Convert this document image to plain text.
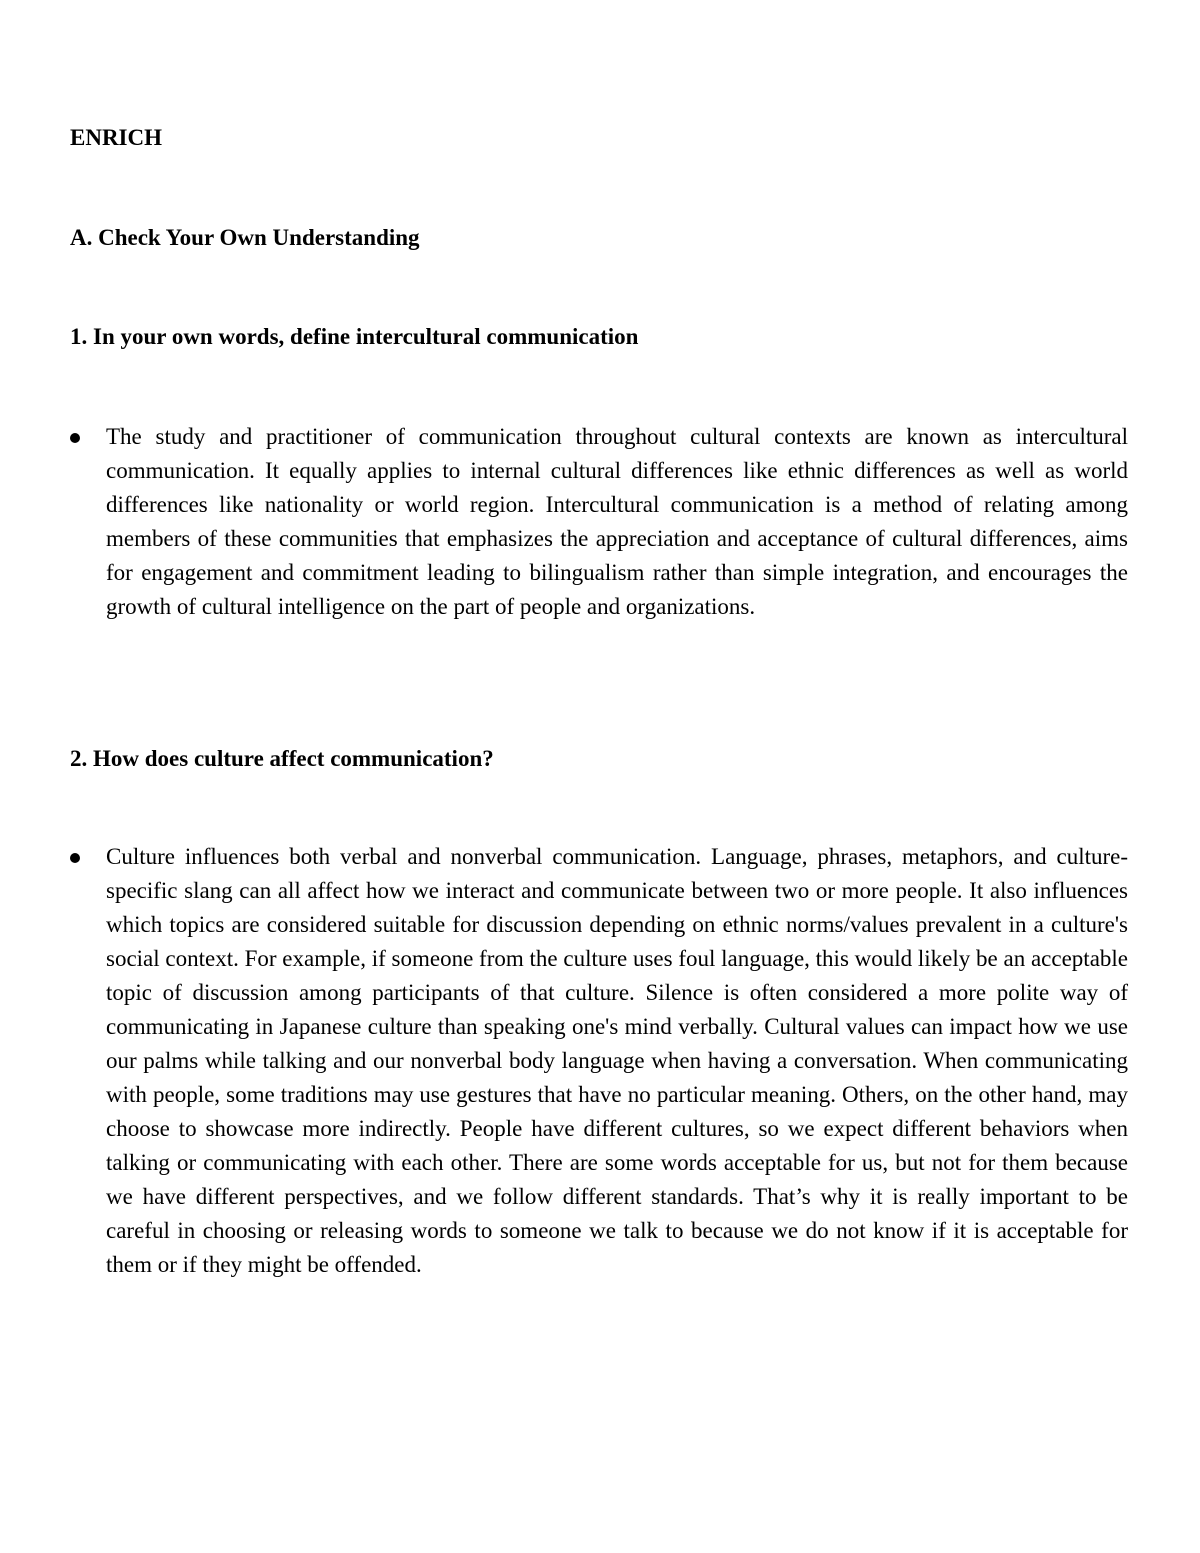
ENRICH
A. Check Your Own Understanding
1. In your own words, define intercultural communication
The study and practitioner of communication throughout cultural contexts are known as intercultural communication. It equally applies to internal cultural differences like ethnic differences as well as world differences like nationality or world region. Intercultural communication is a method of relating among members of these communities that emphasizes the appreciation and acceptance of cultural differences, aims for engagement and commitment leading to bilingualism rather than simple integration, and encourages the growth of cultural intelligence on the part of people and organizations.
2. How does culture affect communication?
Culture influences both verbal and nonverbal communication. Language, phrases, metaphors, and culture-specific slang can all affect how we interact and communicate between two or more people. It also influences which topics are considered suitable for discussion depending on ethnic norms/values prevalent in a culture's social context. For example, if someone from the culture uses foul language, this would likely be an acceptable topic of discussion among participants of that culture. Silence is often considered a more polite way of communicating in Japanese culture than speaking one's mind verbally. Cultural values can impact how we use our palms while talking and our nonverbal body language when having a conversation. When communicating with people, some traditions may use gestures that have no particular meaning. Others, on the other hand, may choose to showcase more indirectly. People have different cultures, so we expect different behaviors when talking or communicating with each other. There are some words acceptable for us, but not for them because we have different perspectives, and we follow different standards. That’s why it is really important to be careful in choosing or releasing words to someone we talk to because we do not know if it is acceptable for them or if they might be offended.
